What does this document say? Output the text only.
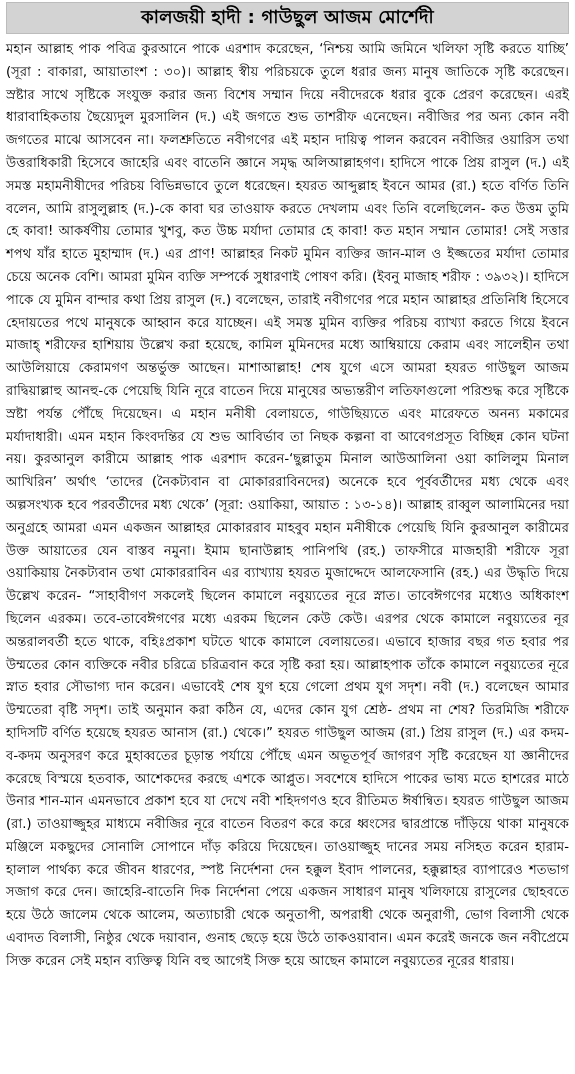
কালজয়ী হাদী : গাউছুল আজম মোর্শেদী
মহান আল্লাহ পাক পবিত্র কুরআনে পাকে এরশাদ করেছেন, ‘নিশ্চয় আমি জমিনে খলিফা সৃষ্টি করতে যাচ্ছি’ (সূরা : বাকারা, আয়াতাংশ : ৩০)। আল্লাহ স্বীয় পরিচয়কে তুলে ধরার জন্য মানুষ জাতিকে সৃষ্টি করেছেন। স্রষ্টার সাথে সৃষ্টিকে সংযুক্ত করার জন্য বিশেষ সম্মান দিয়ে নবীদেরকে ধরার বুকে প্রেরণ করেছেন। এরই ধারাবাহিকতায় ছৈয়্যেদুল মুরসালিন (দ.) এই জগতে শুভ তাশরীফ এনেছেন। নবীজির পর অন্য কোন নবী জগতের মাঝে আসবেন না। ফলশ্রুতিতে নবীগণের এই মহান দায়িত্ব পালন করবেন নবীজির ওয়ারিস তথা উত্তরাধিকারী হিসেবে জাহেরি এবং বাতেনি জ্ঞানে সমৃদ্ধ অলিআল্লাহগণ। হাদিসে পাকে প্রিয় রাসুল (দ.) এই সমস্ত মহামনীষীদের পরিচয় বিভিন্নভাবে তুলে ধরেছেন। হযরত আব্দুল্লাহ ইবনে আমর (রা.) হতে বর্ণিত তিনি বলেন, আমি রাসুলুল্লাহ (দ.)-কে কাবা ঘর তাওয়াফ করতে দেখলাম এবং তিনি বলেছিলেন- কত উত্তম তুমি হে কাবা! আকর্ষণীয় তোমার খুশবু, কত উচ্চ মর্যাদা তোমার হে কাবা! কত মহান সম্মান তোমার! সেই সত্তার শপথ যাঁর হাতে মুহাম্মাদ (দ.) এর প্রাণ! আল্লাহর নিকট মুমিন ব্যক্তির জান-মাল ও ইজ্জতের মর্যাদা তোমার চেয়ে অনেক বেশি। আমরা মুমিন ব্যক্তি সম্পর্কে সুধারণাই পোষণ করি। (ইবনু মাজাহ শরীফ : ৩৯৩২)। হাদিসে পাকে যে মুমিন বান্দার কথা প্রিয় রাসুল (দ.) বলেছেন, তারাই নবীগণের পরে মহান আল্লাহর প্রতিনিধি হিসেবে হেদায়তের পথে মানুষকে আহ্বান করে যাচ্ছেন। এই সমস্ত মুমিন ব্যক্তির পরিচয় ব্যাখ্যা করতে গিয়ে ইবনে মাজাহ্ শরীফের হাশিয়ায় উল্লেখ করা হয়েছে, কামিল মুমিনদের মধ্যে আম্বিয়ায়ে কেরাম এবং সালেহীন তথা আউলিয়ায়ে কেরামগণ অন্তর্ভুক্ত আছেন। মাশাআল্লাহ! শেষ যুগে এসে আমরা হযরত গাউছুল আজম রাদ্বিয়াল্লাহু আনহু-কে পেয়েছি যিনি নূরে বাতেন দিয়ে মানুষের অভ্যন্তরীণ লতিফাগুলো পরিশুদ্ধ করে সৃষ্টিকে স্রষ্টা পর্যন্ত পৌঁছে দিয়েছেন। এ মহান মনীষী বেলায়তে, গাউছিয়্যতে এবং মারেফতে অনন্য মকামের মর্যাদাধারী। এমন মহান কিংবদন্তির যে শুভ আবির্ভাব তা নিছক কল্পনা বা আবেগপ্রসূত বিচ্ছিন্ন কোন ঘটনা নয়। কুরআনুল কারীমে আল্লাহ পাক এরশাদ করেন-‘ছুল্লাতুম মিনাল আউআলিনা ওয়া কালিলুম মিনাল আখিরিন’ অর্থাৎ ‘তাদের (নৈকট্যবান বা মোকাররাবিনদের) অনেকে হবে পূর্ববর্তীদের মধ্য থেকে এবং অল্পসংখ্যক হবে পরবর্তীদের মধ্য থেকে’ (সূরা: ওয়াকিয়া, আয়াত : ১৩-১৪)। আল্লাহ রাব্বুল আলামিনের দয়া অনুগ্রহে আমরা এমন একজন আল্লাহর মোকাররাব মাহবুব মহান মনীষীকে পেয়েছি যিনি কুরআনুল কারীমের উক্ত আয়াতের যেন বাস্তব নমুনা। ইমাম ছানাউল্লাহ পানিপথি (রহ.) তাফসীরে মাজহারী শরীফে সূরা ওয়াকিয়ায় নৈকট্যবান তথা মোকাররাবিন এর ব্যাখ্যায় হযরত মুজাদ্দেদে আলফেসানি (রহ.) এর উদ্ধৃতি দিয়ে উল্লেখ করেন- “সাহাবীগণ সকলেই ছিলেন কামালে নবুয়্যতের নূরে স্নাত। তাবেঈগণের মধ্যেও অধিকাংশ ছিলেন এরকম। তবে-তাবেঈগণের মধ্যে এরকম ছিলেন কেউ কেউ। এরপর থেকে কামালে নবুয়্যতের নূর অন্তরালবর্তী হতে থাকে, বহিঃপ্রকাশ ঘটতে থাকে কামালে বেলায়তের। এভাবে হাজার বছর গত হবার পর উম্মতের কোন ব্যক্তিকে নবীর চরিত্রে চরিত্রবান করে সৃষ্টি করা হয়। আল্লাহপাক তাঁকে কামালে নবুয়্যতের নূরে স্নাত হবার সৌভাগ্য দান করেন। এভাবেই শেষ যুগ হয়ে গেলো প্রথম যুগ সদৃশ। নবী (দ.) বলেছেন আমার উম্মতেরা বৃষ্টি সদৃশ। তাই অনুমান করা কঠিন যে, এদের কোন যুগ শ্রেষ্ঠ- প্রথম না শেষ? তিরমিজি শরীফে হাদিসটি বর্ণিত হয়েছে হযরত আনাস (রা.) থেকে।” হযরত গাউছুল আজম (রা.) প্রিয় রাসুল (দ.) এর কদম-ব-কদম অনুসরণ করে মুহাব্বতের চূড়ান্ত পর্যায়ে পৌঁছে এমন অভূতপূর্ব জাগরণ সৃষ্টি করেছেন যা জ্ঞানীদের করেছে বিস্ময়ে হতবাক, আশেকদের করছে এশকে আপ্লুত। সবশেষে হাদিসে পাকের ভাষ্য মতে হাশরের মাঠে উনার শান-মান এমনভাবে প্রকাশ হবে যা দেখে নবী শহিদগণও হবে রীতিমত ঈর্ষান্বিত। হযরত গাউছুল আজম (রা.) তাওয়াজ্জুহর মাধ্যমে নবীজির নূরে বাতেন বিতরণ করে করে ধ্বংসের দ্বারপ্রান্তে দাঁড়িয়ে থাকা মানুষকে মঞ্জিলে মকছুদের সোনালি সোপানে দাঁড় করিয়ে দিয়েছেন। তাওয়াজ্জুহ দানের সময় নসিহত করেন হারাম-হালাল পার্থক্য করে জীবন ধারণের, স্পষ্ট নির্দেশনা দেন হক্কুল ইবাদ পালনের, হক্কুল্লাহর ব্যাপারেও শতভাগ সজাগ করে দেন। জাহেরি-বাতেনি দিক নির্দেশনা পেয়ে একজন সাধারণ মানুষ খলিফায়ে রাসুলের ছোহবতে হয়ে উঠে জালেম থেকে আলেম, অত্যাচারী থেকে অনুতাপী, অপরাধী থেকে অনুরাগী, ভোগ বিলাসী থেকে এবাদত বিলাসী, নিষ্ঠুর থেকে দয়াবান, গুনাহ ছেড়ে হয়ে উঠে তাকওয়াবান। এমন করেই জনকে জন নবীপ্রেমে সিক্ত করেন সেই মহান ব্যক্তিত্ব যিনি বহু আগেই সিক্ত হয়ে আছেন কামালে নবুয়্যতের নূরের ধারায়।
